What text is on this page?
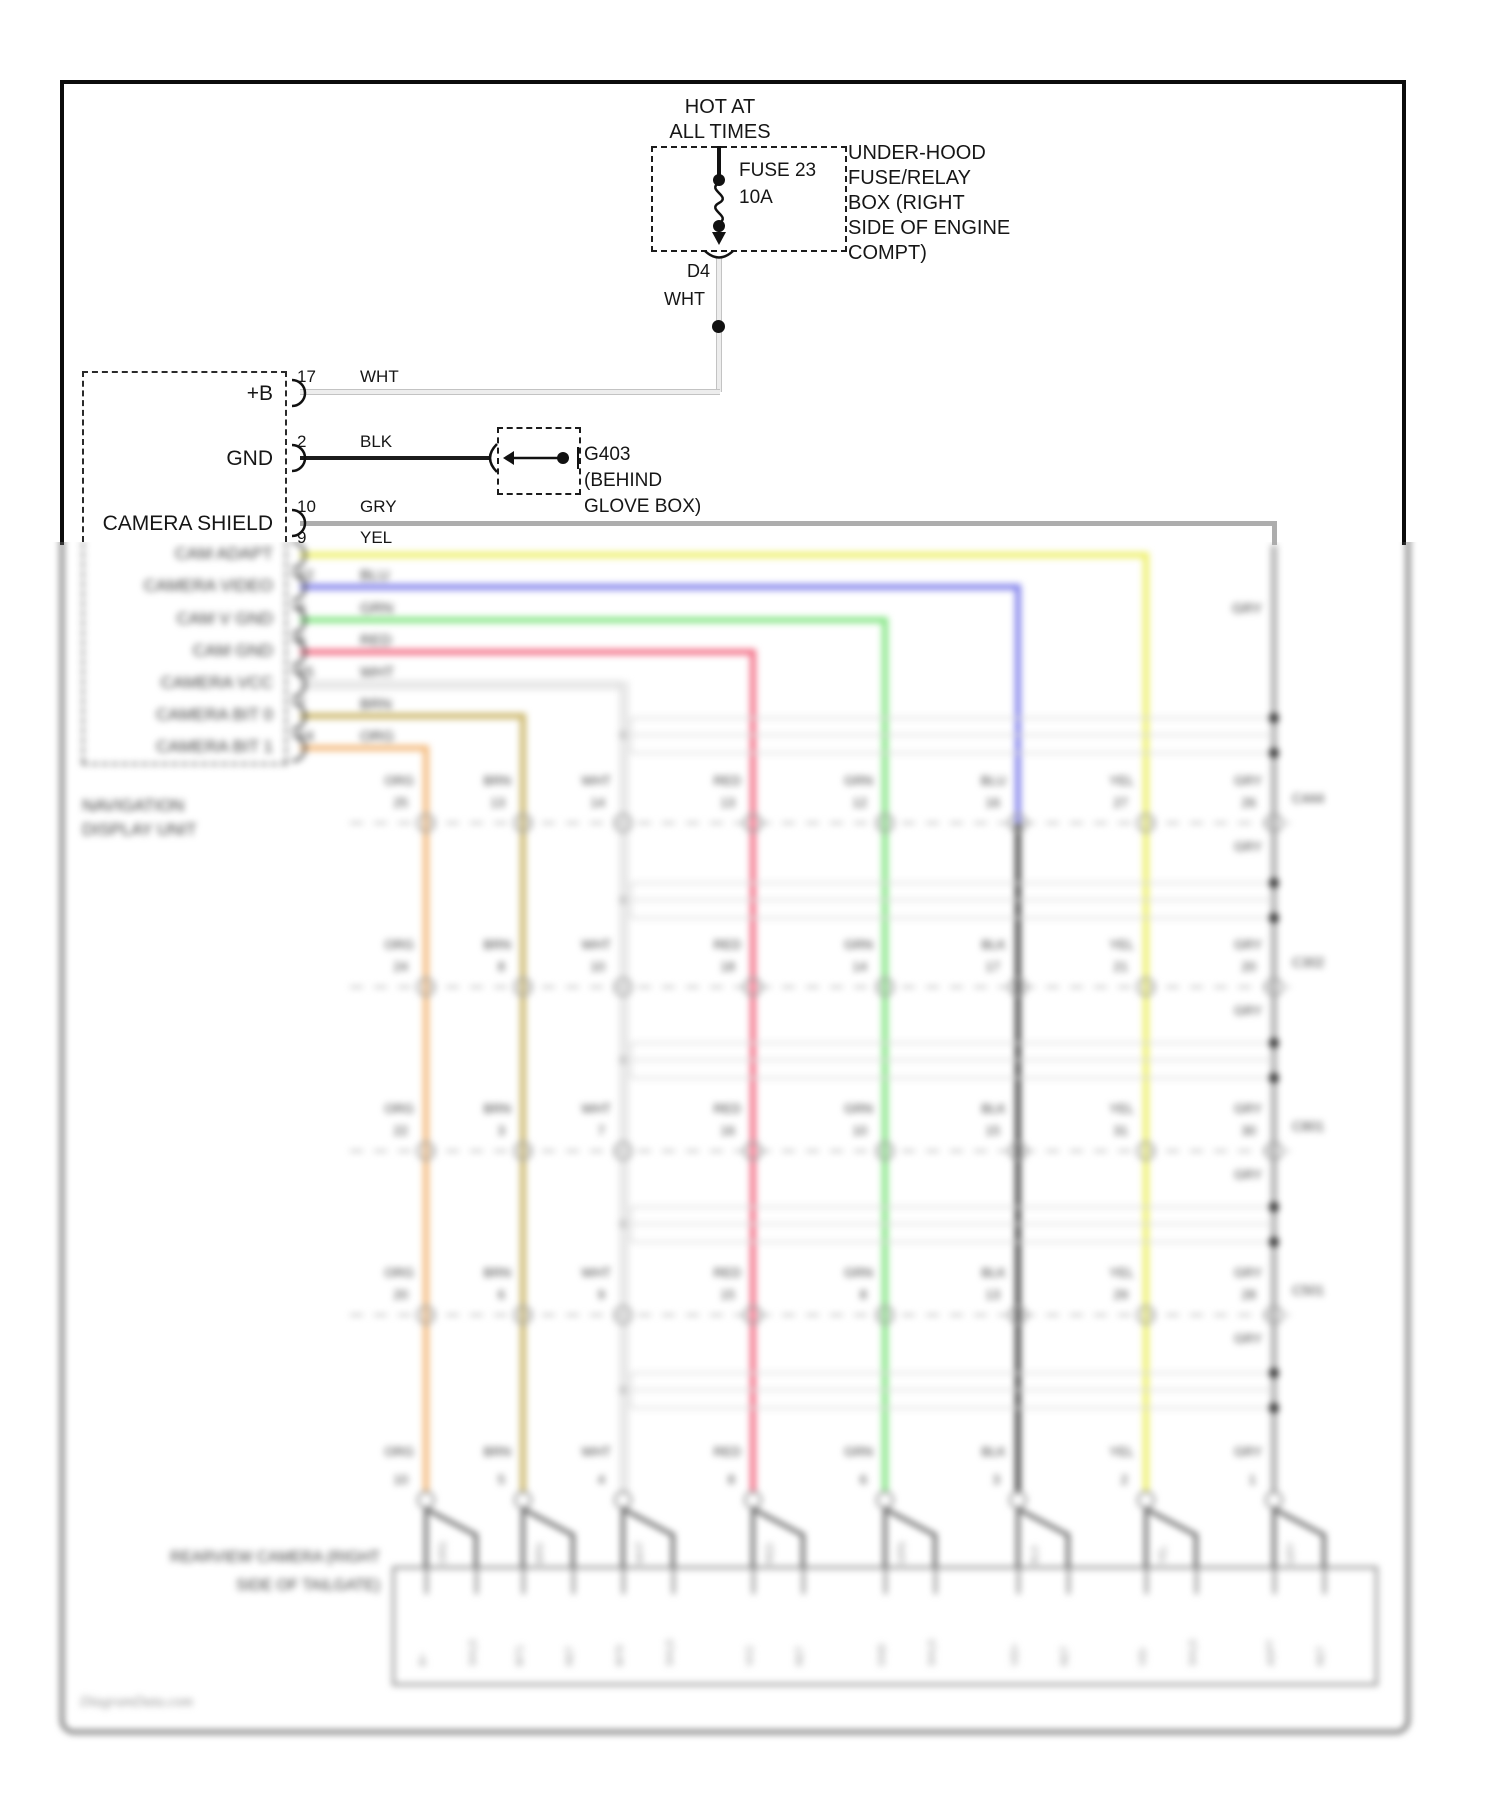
HOT AT
ALL TIMES
FUSE 23
10A
UNDER-HOOD
FUSE/RELAY
BOX (RIGHT
SIDE OF ENGINE
COMPT)
D4
WHT
17	WHT
+B
GND
2	BLK
G403
(BEHIND
GLOVE BOX)
CAMERA SHIELD
10	GRY
9	YEL
NAVIGATION
DISPLAY UNIT
GRY
REARVIEW CAMERA (RIGHT
SIDE OF TAILGATE)
DiagramData.com
CAM ADAPT
CAMERA VIDEO
22	BLU
CAM V GND
6	GRN
CAM GND
5	RED
CAMERA VCC
25	WHT
CAMERA BIT 0
7	BRN
CAMERA BIT 1
24	ORG
C444
GRY
ORG
25
BRN
13
WHT
14
RED
13
GRN
12
BLU
16
YEL
27
GRY
26
C302
GRY
ORG
24
BRN
8
WHT
10
RED
18
GRN
14
BLK
17
YEL
21
GRY
20
C801
GRY
ORG
22
BRN
3
WHT
7
RED
16
GRN
10
BLK
15
YEL
31
GRY
30
C501
GRY
ORG
20
BRN
6
WHT
9
RED
15
GRN
8
BLK
13
YEL
29
GRY
28
ORG
10
ORG
B+	SHLD
BRN
5
BRN
BIT1	RET
WHT
4
WHT
BIT0	SHLD
RED
8
RED
VCC	RET
GRN
6
GRN
GND	SHLD
BLK
3
BLK
VID+	RET
YEL
2
YEL
VID-	SHLD
GRY
1
GRY
ADPT	RET
